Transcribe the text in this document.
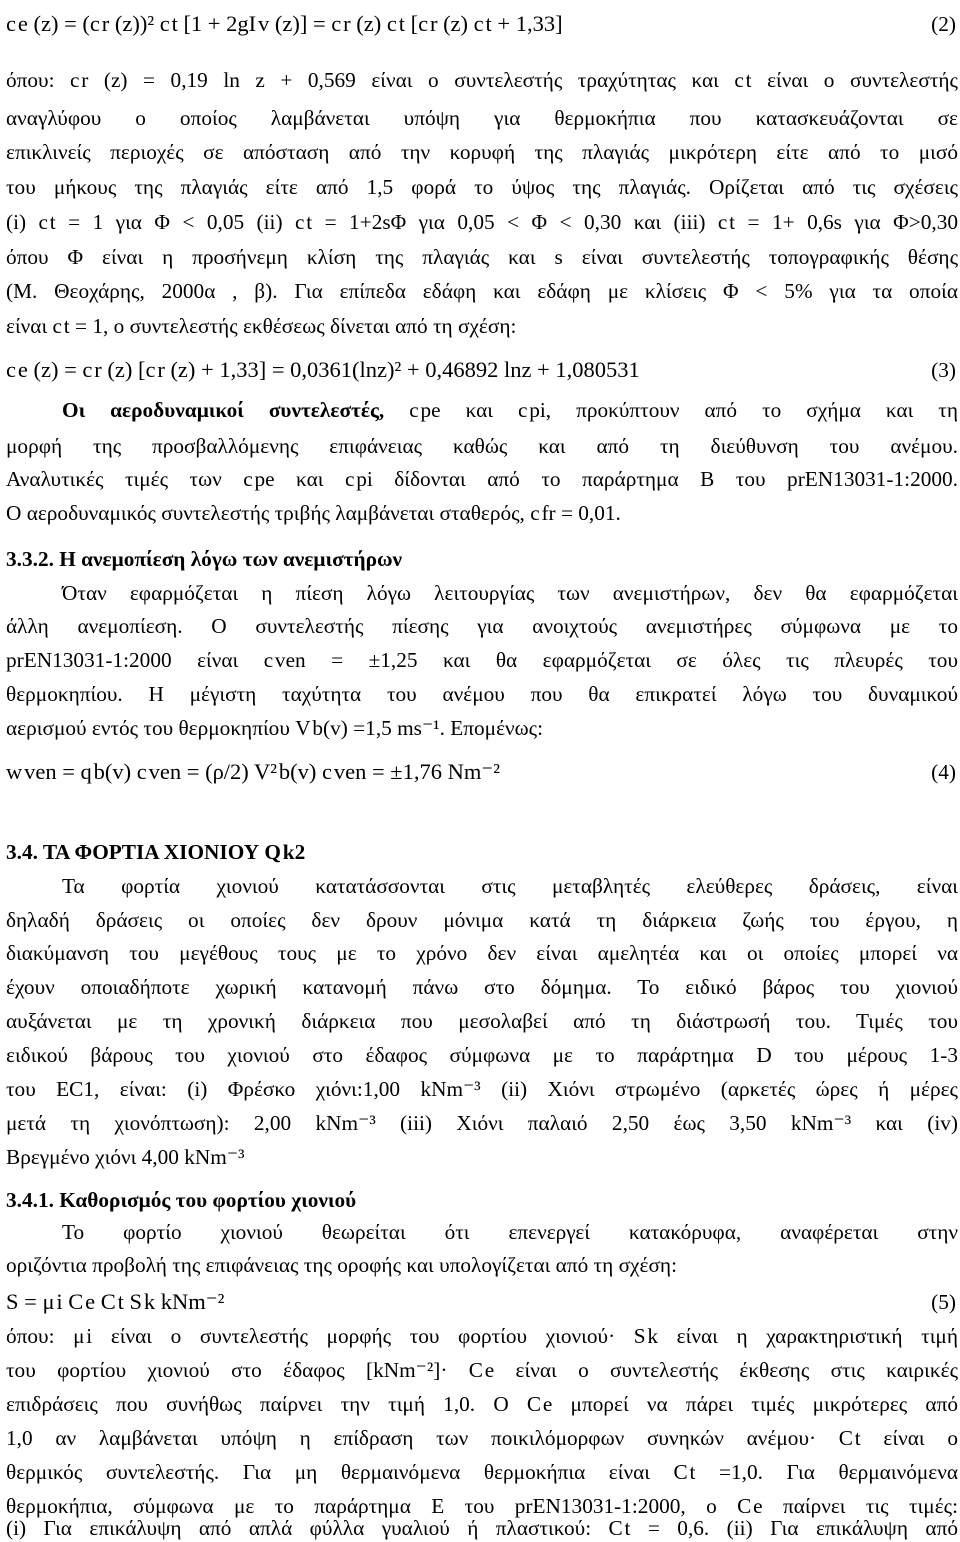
c e (z) = (c r (z))² c t [1 + 2gI v (z)] = c r (z) c t [c r (z) c t + 1,33]	(2)
όπου: c r (z) = 0,19 ln z + 0,569 είναι ο συντελεστής τραχύτητας και c t είναι ο συντελεστής
αναγλύφου ο οποίος λαμβάνεται υπόψη για θερμοκήπια που κατασκευάζονται σε
επικλινείς περιοχές σε απόσταση από την κορυφή της πλαγιάς μικρότερη είτε από το μισό
του μήκους της πλαγιάς είτε από 1,5 φορά το ύψος της πλαγιάς. Ορίζεται από τις σχέσεις
(i) c t = 1 για Φ < 0,05 (ii) c t = 1+2sΦ για 0,05 < Φ < 0,30 και (iii) c t = 1+ 0,6s για Φ>0,30
όπου Φ είναι η προσήνεμη κλίση της πλαγιάς και s είναι συντελεστής τοπογραφικής θέσης
(Μ. Θεοχάρης, 2000α , β). Για επίπεδα εδάφη και εδάφη με κλίσεις Φ < 5% για τα οποία
είναι c t = 1, ο συντελεστής εκθέσεως δίνεται από τη σχέση:
c e (z) = c r (z) [c r (z) + 1,33] = 0,0361(lnz)² + 0,46892 lnz + 1,080531	(3)
Οι αεροδυναμικοί συντελεστές, c pe και c pi, προκύπτουν από το σχήμα και τη
μορφή της προσβαλλόμενης επιφάνειας καθώς και από τη διεύθυνση του ανέμου.
Αναλυτικές τιμές των c pe και c pi δίδονται από το παράρτημα Β του prEN13031-1:2000.
Ο αεροδυναμικός συντελεστής τριβής λαμβάνεται σταθερός, c fr = 0,01.
3.3.2. Η ανεμοπίεση λόγω των ανεμιστήρων
Όταν εφαρμόζεται η πίεση λόγω λειτουργίας των ανεμιστήρων, δεν θα εφαρμόζεται
άλλη ανεμοπίεση. Ο συντελεστής πίεσης για ανοιχτούς ανεμιστήρες σύμφωνα με το
prEN13031-1:2000 είναι c ven = ±1,25 και θα εφαρμόζεται σε όλες τις πλευρές του
θερμοκηπίου. Η μέγιστη ταχύτητα του ανέμου που θα επικρατεί λόγω του δυναμικού
αερισμού εντός του θερμοκηπίου V b(v) =1,5 ms⁻¹. Επομένως:
w ven = q b(v) c ven = (ρ/2) V² b(v) c ven = ±1,76 Nm⁻²	(4)
3.4. ΤΑ ΦΟΡΤΙΑ ΧΙΟΝΙΟΥ Q k2
Τα φορτία χιονιού κατατάσσονται στις μεταβλητές ελεύθερες δράσεις, είναι
δηλαδή δράσεις οι οποίες δεν δρουν μόνιμα κατά τη διάρκεια ζωής του έργου, η
διακύμανση του μεγέθους τους με το χρόνο δεν είναι αμελητέα και οι οποίες μπορεί να
έχουν οποιαδήποτε χωρική κατανομή πάνω στο δόμημα. Το ειδικό βάρος του χιονιού
αυξάνεται με τη χρονική διάρκεια που μεσολαβεί από τη διάστρωσή του. Τιμές του
ειδικού βάρους του χιονιού στο έδαφος σύμφωνα με το παράρτημα D του μέρους 1-3
του EC1, είναι: (i) Φρέσκο χιόνι:1,00 kNm⁻³ (ii) Χιόνι στρωμένο (αρκετές ώρες ή μέρες
μετά τη χιονόπτωση): 2,00 kNm⁻³ (iii) Χιόνι παλαιό 2,50 έως 3,50 kNm⁻³ και (iv)
Βρεγμένο χιόνι 4,00 kNm⁻³
3.4.1. Καθορισμός του φορτίου χιονιού
Το φορτίο χιονιού θεωρείται ότι επενεργεί κατακόρυφα, αναφέρεται στην
οριζόντια προβολή της επιφάνειας της οροφής και υπολογίζεται από τη σχέση:
S = μ i C e C t S k kNm⁻²	(5)
όπου: μ i είναι ο συντελεστής μορφής του φορτίου χιονιού· S k είναι η χαρακτηριστική τιμή
του φορτίου χιονιού στο έδαφος [kNm⁻²]· C e είναι ο συντελεστής έκθεσης στις καιρικές
επιδράσεις που συνήθως παίρνει την τιμή 1,0. Ο C e μπορεί να πάρει τιμές μικρότερες από
1,0 αν λαμβάνεται υπόψη η επίδραση των ποικιλόμορφων συνηκών ανέμου· C t είναι ο
θερμικός συντελεστής. Για μη θερμαινόμενα θερμοκήπια είναι C t =1,0. Για θερμαινόμενα
θερμοκήπια, σύμφωνα με το παράρτημα Ε του prEN13031-1:2000, ο C e παίρνει τις τιμές:
(i) Για επικάλυψη από απλά φύλλα γυαλιού ή πλαστικού: C t = 0,6. (ii) Για επικάλυψη από
